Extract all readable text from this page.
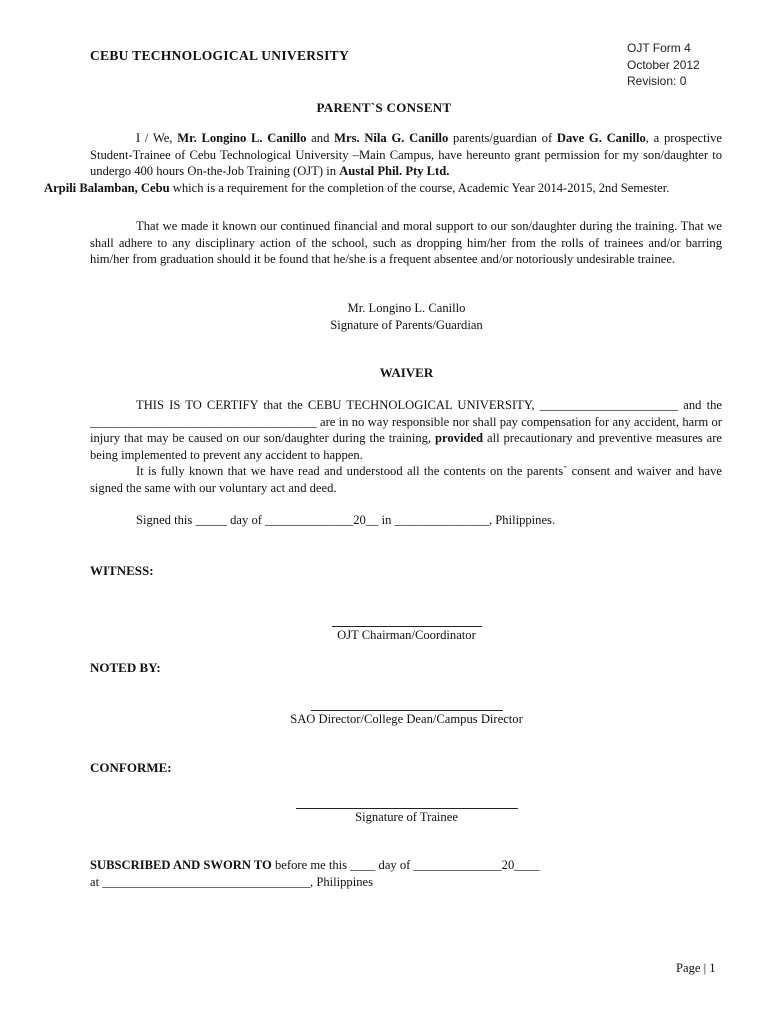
CEBU TECHNOLOGICAL UNIVERSITY	OJT Form 4
October 2012
Revision: 0
PARENT`S CONSENT
I / We, Mr. Longino L. Canillo and Mrs. Nila G. Canillo parents/guardian of Dave G. Canillo, a prospective Student-Trainee of Cebu Technological University –Main Campus, have hereunto grant permission for my son/daughter to undergo 400 hours On-the-Job Training (OJT) in Austal Phil. Pty Ltd.
Arpili Balamban, Cebu which is a requirement for the completion of the course, Academic Year 2014-2015, 2nd Semester.
That we made it known our continued financial and moral support to our son/daughter during the training. That we shall adhere to any disciplinary action of the school, such as dropping him/her from the rolls of trainees and/or barring him/her from graduation should it be found that he/she is a frequent absentee and/or notoriously undesirable trainee.
Mr. Longino L. Canillo
Signature of Parents/Guardian
WAIVER
THIS IS TO CERTIFY that the CEBU TECHNOLOGICAL UNIVERSITY, ______________________ and the ____________________________________ are in no way responsible nor shall pay compensation for any accident, harm or injury that may be caused on our son/daughter during the training, provided all precautionary and preventive measures are being implemented to prevent any accident to happen.
It is fully known that we have read and understood all the contents on the parents` consent and waiver and have signed the same with our voluntary act and deed.
Signed this _____ day of ______________20__ in _______________, Philippines.
WITNESS:
OJT Chairman/Coordinator
NOTED BY:
SAO Director/College Dean/Campus Director
CONFORME:
Signature of Trainee
SUBSCRIBED AND SWORN TO before me this ____ day of ______________20____
at _________________________________, Philippines
Page | 1
